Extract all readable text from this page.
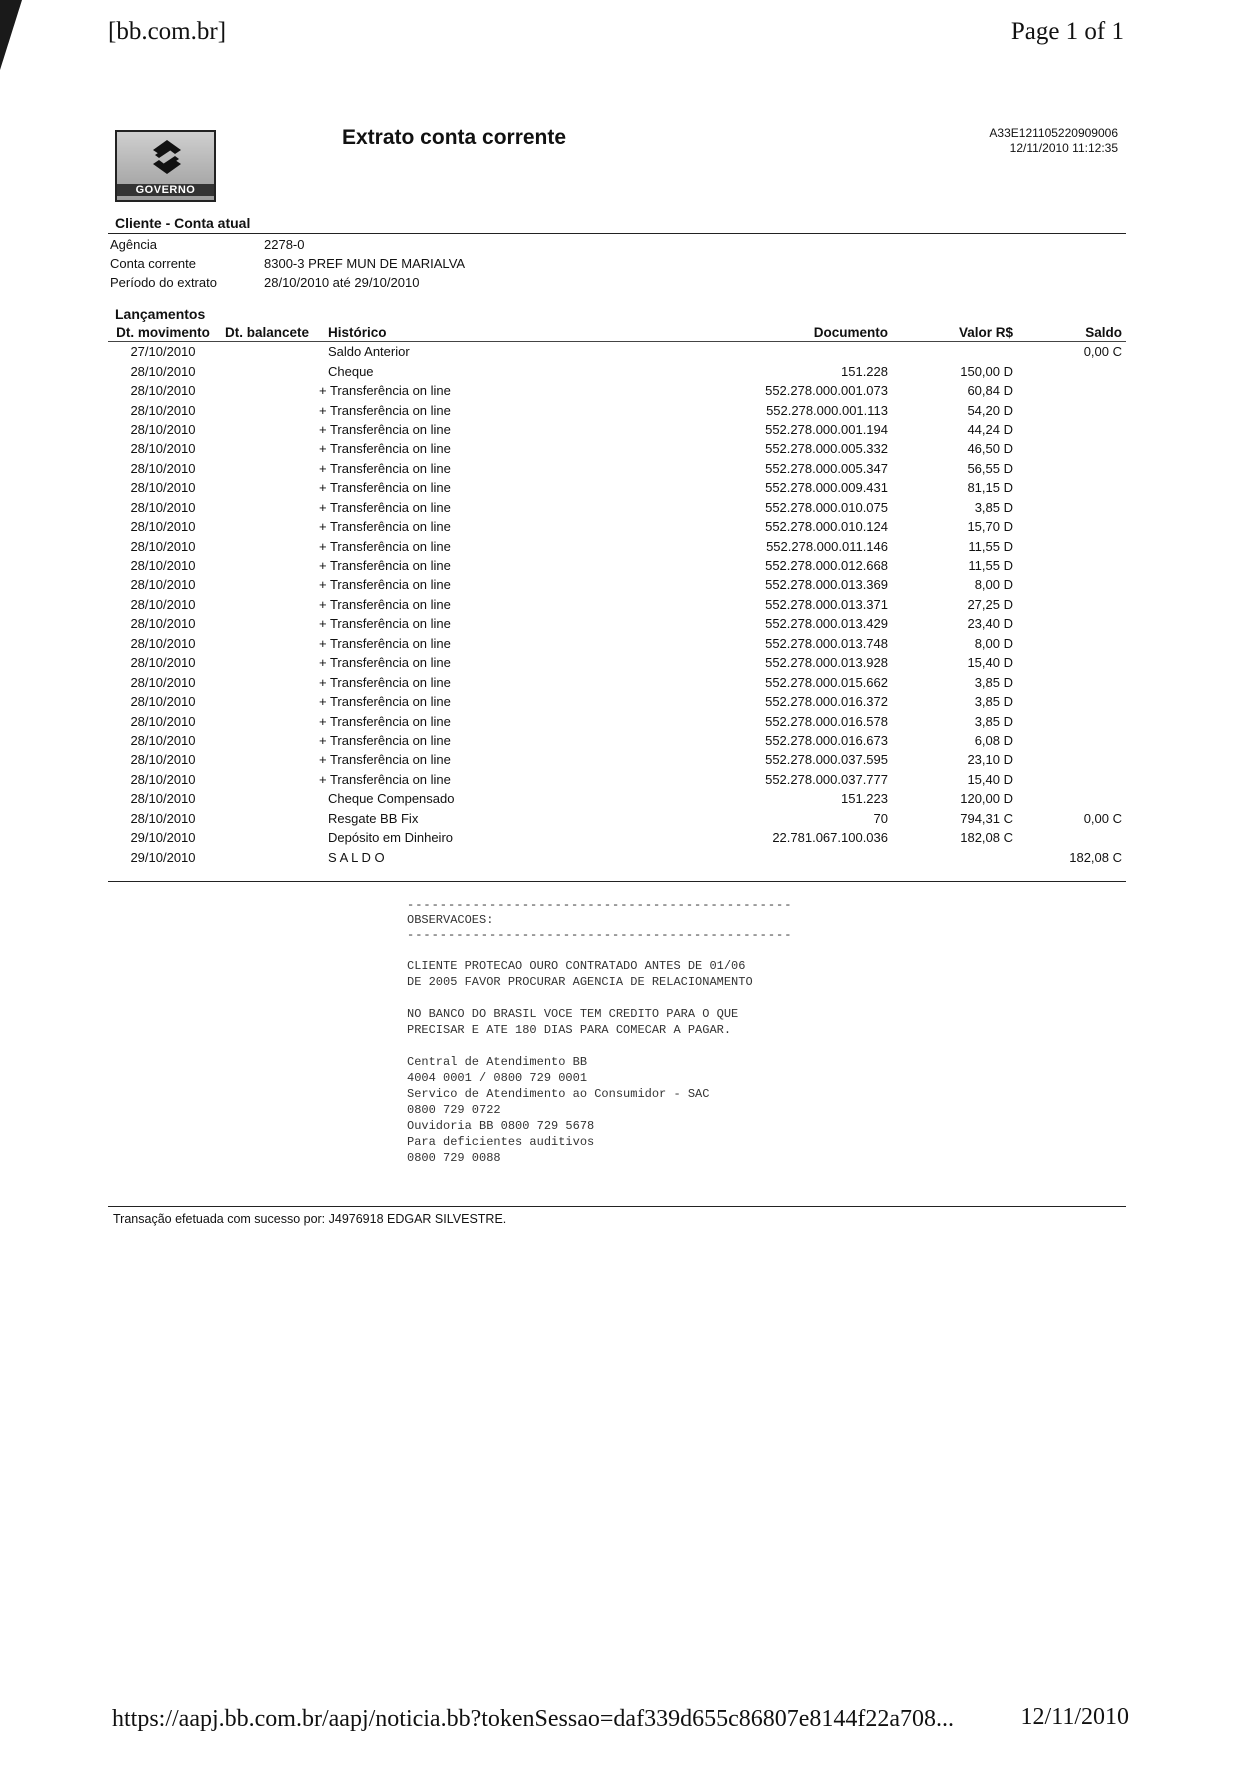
[bb.com.br]	Page 1 of 1
GOVERNO
Extrato conta corrente	A33E121105220909006
12/11/2010 11:12:35
Cliente - Conta atual
Agência	2278-0
Conta corrente	8300-3 PREF MUN DE MARIALVA
Período do extrato	28/10/2010 até 29/10/2010
Lançamentos
Dt. movimento	Dt. balancete	Histórico	Documento	Valor R$	Saldo
27/10/2010		Saldo Anterior			0,00 C
28/10/2010		Cheque	151.228	150,00 D	
28/10/2010		+ Transferência on line	552.278.000.001.073	60,84 D	
28/10/2010		+ Transferência on line	552.278.000.001.113	54,20 D	
28/10/2010		+ Transferência on line	552.278.000.001.194	44,24 D	
28/10/2010		+ Transferência on line	552.278.000.005.332	46,50 D	
28/10/2010		+ Transferência on line	552.278.000.005.347	56,55 D	
28/10/2010		+ Transferência on line	552.278.000.009.431	81,15 D	
28/10/2010		+ Transferência on line	552.278.000.010.075	3,85 D	
28/10/2010		+ Transferência on line	552.278.000.010.124	15,70 D	
28/10/2010		+ Transferência on line	552.278.000.011.146	11,55 D	
28/10/2010		+ Transferência on line	552.278.000.012.668	11,55 D	
28/10/2010		+ Transferência on line	552.278.000.013.369	8,00 D	
28/10/2010		+ Transferência on line	552.278.000.013.371	27,25 D	
28/10/2010		+ Transferência on line	552.278.000.013.429	23,40 D	
28/10/2010		+ Transferência on line	552.278.000.013.748	8,00 D	
28/10/2010		+ Transferência on line	552.278.000.013.928	15,40 D	
28/10/2010		+ Transferência on line	552.278.000.015.662	3,85 D	
28/10/2010		+ Transferência on line	552.278.000.016.372	3,85 D	
28/10/2010		+ Transferência on line	552.278.000.016.578	3,85 D	
28/10/2010		+ Transferência on line	552.278.000.016.673	6,08 D	
28/10/2010		+ Transferência on line	552.278.000.037.595	23,10 D	
28/10/2010		+ Transferência on line	552.278.000.037.777	15,40 D	
28/10/2010		Cheque Compensado	151.223	120,00 D	
28/10/2010		Resgate BB Fix	70	794,31 C	0,00 C
29/10/2010		Depósito em Dinheiro	22.781.067.100.036	182,08 C	
29/10/2010		S A L D O			182,08 C
-----------------------------------------------

OBSERVACOES:

-----------------------------------------------

CLIENTE PROTECAO OURO CONTRATADO ANTES DE 01/06

DE 2005 FAVOR PROCURAR AGENCIA DE RELACIONAMENTO

NO BANCO DO BRASIL VOCE TEM CREDITO PARA O QUE

PRECISAR E ATE 180 DIAS PARA COMECAR A PAGAR.

Central de Atendimento BB

4004 0001 / 0800 729 0001

Servico de Atendimento ao Consumidor - SAC

0800 729 0722

Ouvidoria BB 0800 729 5678

Para deficientes auditivos

0800 729 0088

Transação efetuada com sucesso por: J4976918 EDGAR SILVESTRE.
https://aapj.bb.com.br/aapj/noticia.bb?tokenSessao=daf339d655c86807e8144f22a708...	12/11/2010
